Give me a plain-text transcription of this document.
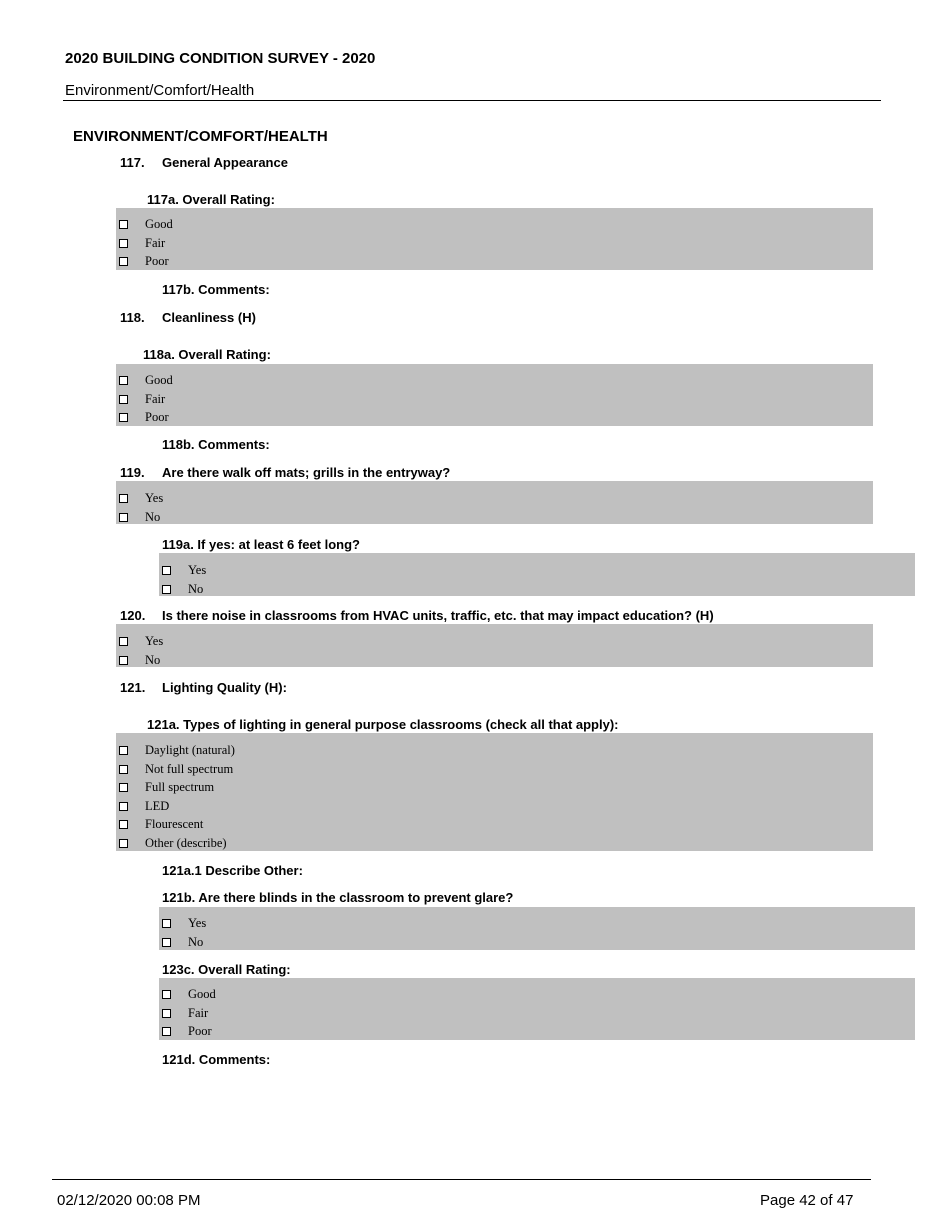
2020 BUILDING CONDITION SURVEY - 2020
Environment/Comfort/Health
ENVIRONMENT/COMFORT/HEALTH
117. General Appearance
117a. Overall Rating:
Good
Fair
Poor
117b. Comments:
118. Cleanliness (H)
118a. Overall Rating:
Good
Fair
Poor
118b. Comments:
119. Are there walk off mats; grills in the entryway?
Yes
No
119a. If yes: at least 6 feet long?
Yes
No
120. Is there noise in classrooms from HVAC units, traffic, etc. that may impact education? (H)
Yes
No
121. Lighting Quality (H):
121a. Types of lighting in general purpose classrooms (check all that apply):
Daylight (natural)
Not full spectrum
Full spectrum
LED
Flourescent
Other (describe)
121a.1 Describe Other:
121b. Are there blinds in the classroom to prevent glare?
Yes
No
123c. Overall Rating:
Good
Fair
Poor
121d. Comments:
02/12/2020 00:08 PM	Page 42 of 47
